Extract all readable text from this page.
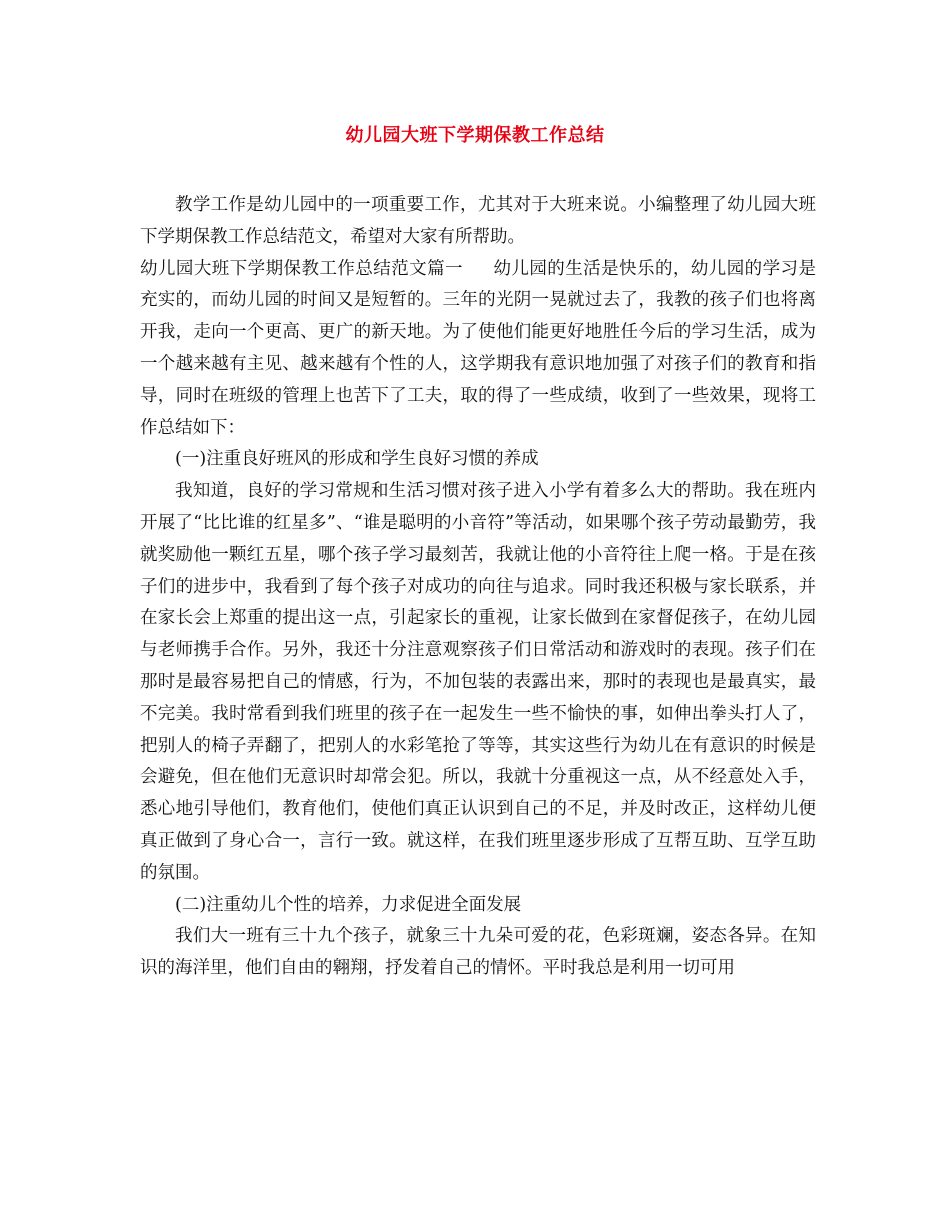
幼儿园大班下学期保教工作总结

教学工作是幼儿园中的一项重要工作，尤其对于大班来说。小编整理了幼儿园大班下学期保教工作总结范文，希望对大家有所帮助。

幼儿园大班下学期保教工作总结范文篇一 幼儿园的生活是快乐的，幼儿园的学习是充实的，而幼儿园的时间又是短暂的。三年的光阴一晃就过去了，我教的孩子们也将离开我，走向一个更高、更广的新天地。为了使他们能更好地胜任今后的学习生活，成为一个越来越有主见、越来越有个性的人，这学期我有意识地加强了对孩子们的教育和指导，同时在班级的管理上也苦下了工夫，取的得了一些成绩，收到了一些效果，现将工作总结如下：

(一)注重良好班风的形成和学生良好习惯的养成

我知道，良好的学习常规和生活习惯对孩子进入小学有着多么大的帮助。我在班内开展了“比比谁的红星多”、“谁是聪明的小音符”等活动，如果哪个孩子劳动最勤劳，我就奖励他一颗红五星，哪个孩子学习最刻苦，我就让他的小音符往上爬一格。于是在孩子们的进步中，我看到了每个孩子对成功的向往与追求。同时我还积极与家长联系，并在家长会上郑重的提出这一点，引起家长的重视，让家长做到在家督促孩子，在幼儿园与老师携手合作。另外，我还十分注意观察孩子们日常活动和游戏时的表现。孩子们在那时是最容易把自己的情感，行为，不加包装的表露出来，那时的表现也是最真实，最不完美。我时常看到我们班里的孩子在一起发生一些不愉快的事，如伸出拳头打人了，把别人的椅子弄翻了，把别人的水彩笔抢了等等，其实这些行为幼儿在有意识的时候是会避免，但在他们无意识时却常会犯。所以，我就十分重视这一点，从不经意处入手，悉心地引导他们，教育他们，使他们真正认识到自己的不足，并及时改正，这样幼儿便真正做到了身心合一，言行一致。就这样，在我们班里逐步形成了互帮互助、互学互助的氛围。

(二)注重幼儿个性的培养，力求促进全面发展

我们大一班有三十九个孩子，就象三十九朵可爱的花，色彩斑斓，姿态各异。在知识的海洋里，他们自由的翱翔，抒发着自己的情怀。平时我总是利用一切可用
